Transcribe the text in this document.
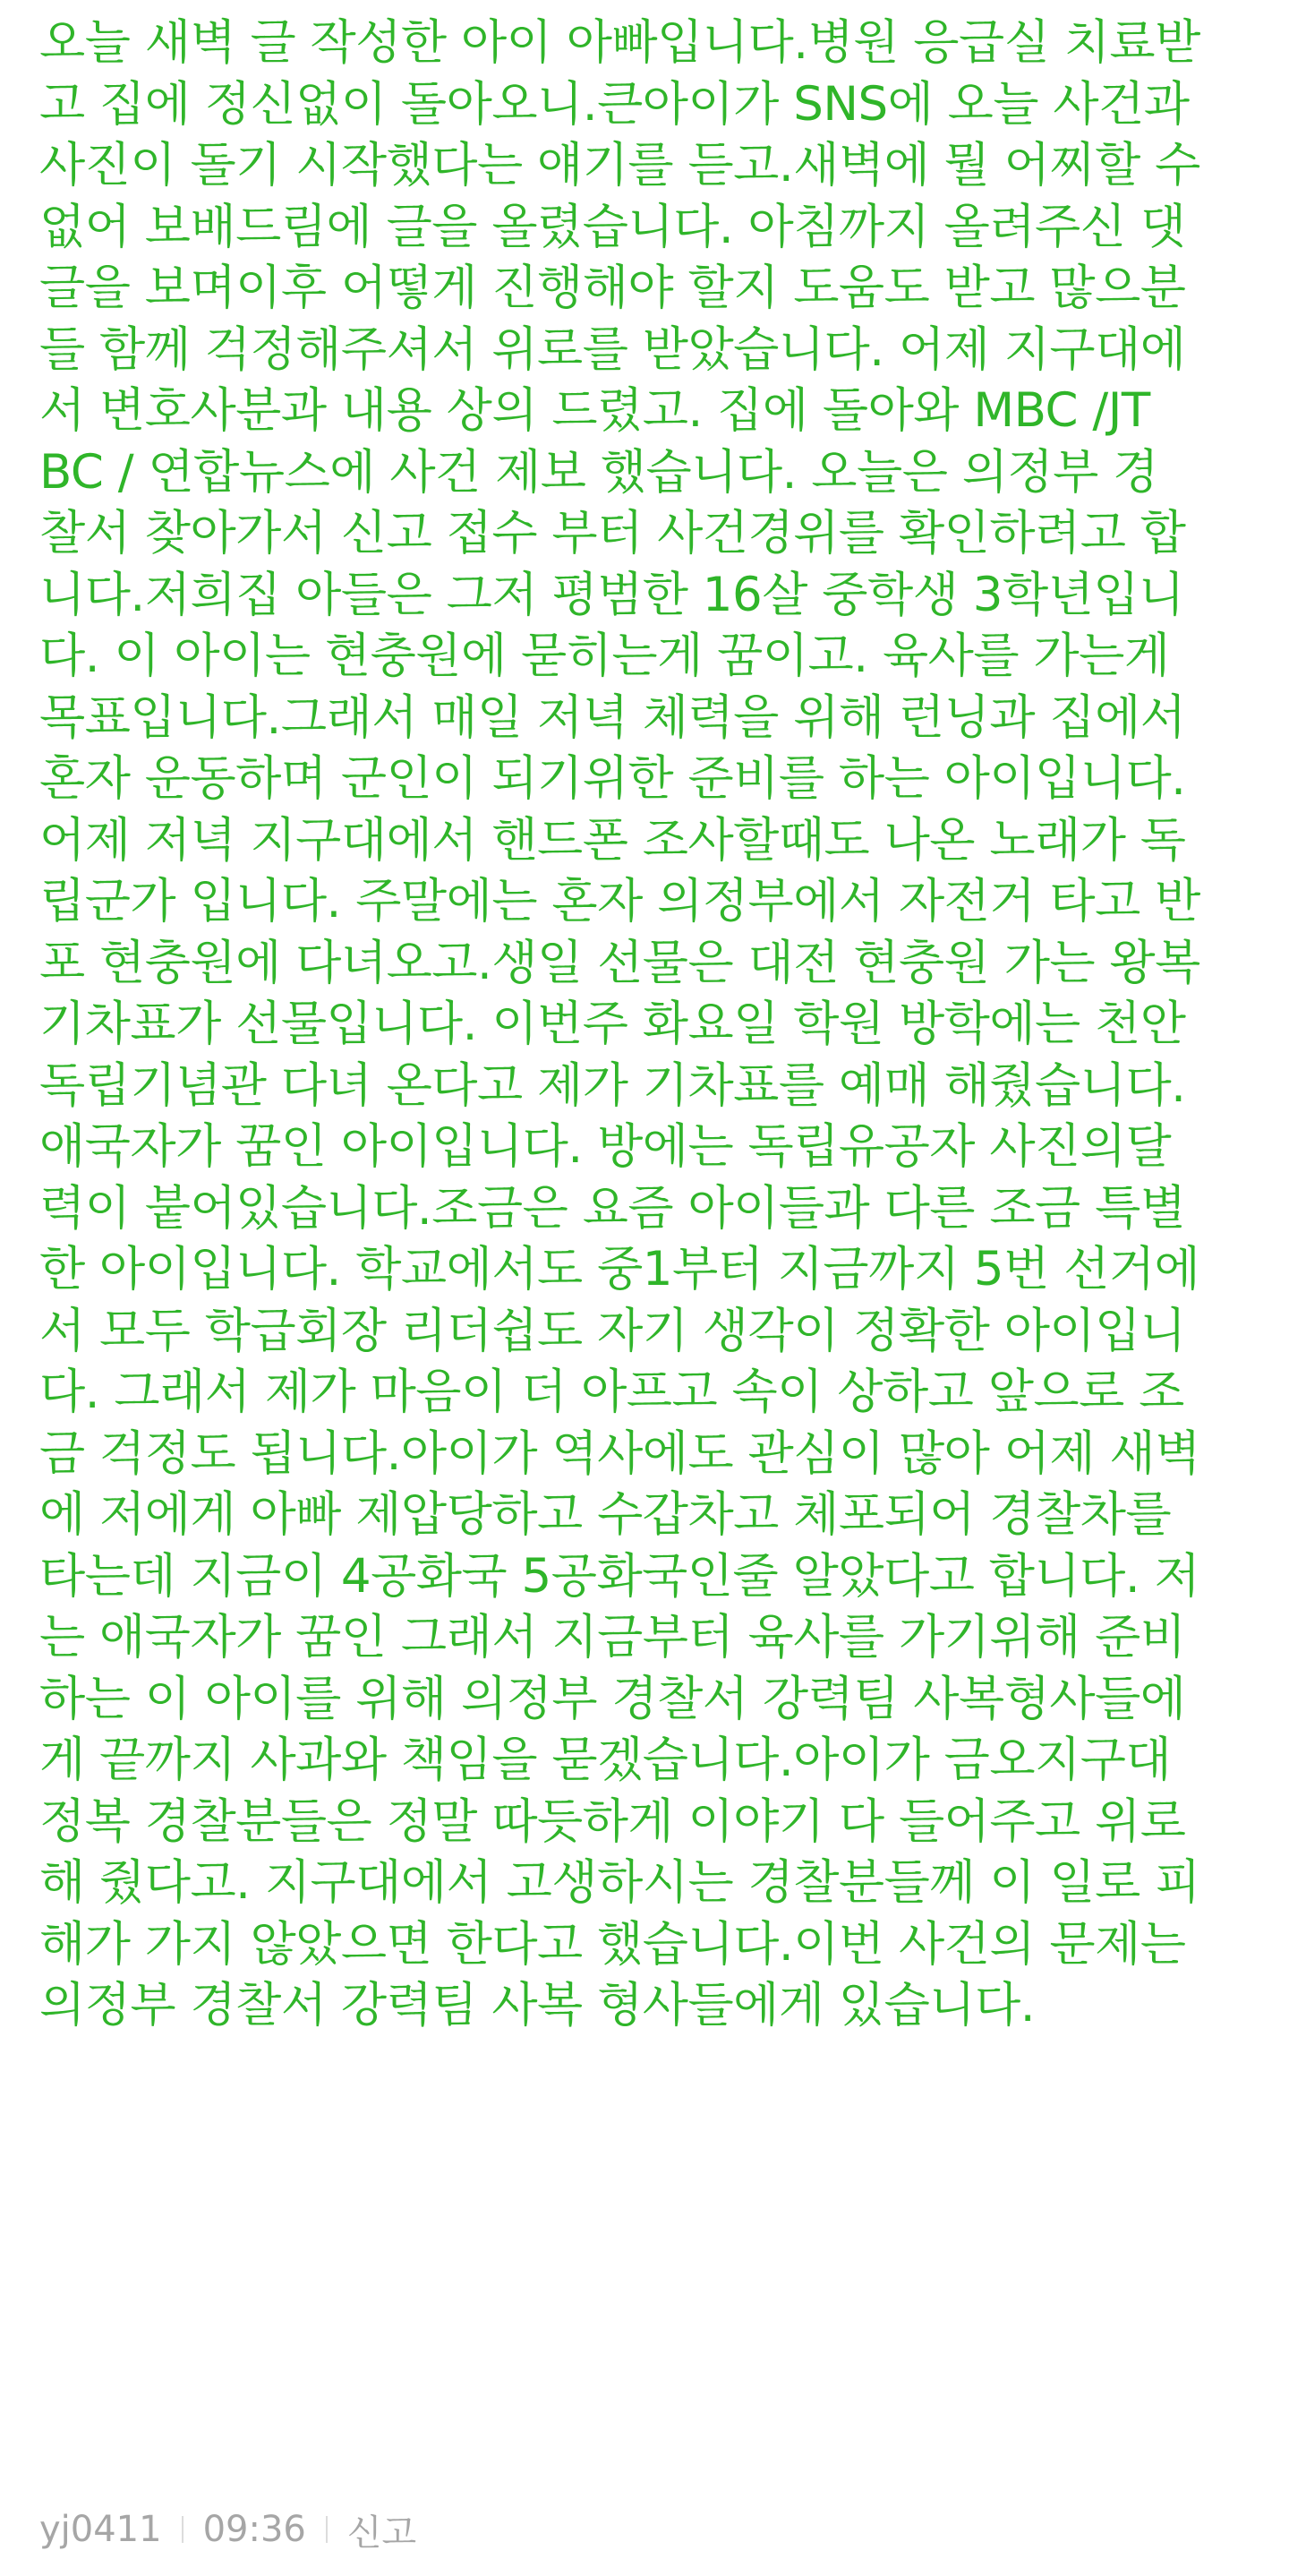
오늘 새벽 글 작성한 아이 아빠입니다.병원 응급실 치료받
고 집에 정신없이 돌아오니.큰아이가 SNS에 오늘 사건과
사진이 돌기 시작했다는 얘기를 듣고.새벽에 뭘 어찌할 수
없어 보배드림에 글을 올렸습니다. 아침까지 올려주신 댓
글을 보며이후 어떻게 진행해야 할지 도움도 받고 많으분
들 함께 걱정해주셔서 위로를 받았습니다. 어제 지구대에
서 변호사분과 내용 상의 드렸고. 집에 돌아와 MBC /JT
BC / 연합뉴스에 사건 제보 했습니다. 오늘은 의정부 경
찰서 찾아가서 신고 접수 부터 사건경위를 확인하려고 합
니다.저희집 아들은 그저 평범한 16살 중학생 3학년입니
다. 이 아이는 현충원에 묻히는게 꿈이고. 육사를 가는게
목표입니다.그래서 매일 저녁 체력을 위해 런닝과 집에서
혼자 운동하며 군인이 되기위한 준비를 하는 아이입니다.
어제 저녁 지구대에서 핸드폰 조사할때도 나온 노래가 독
립군가 입니다. 주말에는 혼자 의정부에서 자전거 타고 반
포 현충원에 다녀오고.생일 선물은 대전 현충원 가는 왕복
기차표가 선물입니다. 이번주 화요일 학원 방학에는 천안
독립기념관 다녀 온다고 제가 기차표를 예매 해줬습니다.
애국자가 꿈인 아이입니다. 방에는 독립유공자 사진의달
력이 붙어있습니다.조금은 요즘 아이들과 다른 조금 특별
한 아이입니다. 학교에서도 중1부터 지금까지 5번 선거에
서 모두 학급회장 리더쉽도 자기 생각이 정확한 아이입니
다. 그래서 제가 마음이 더 아프고 속이 상하고 앞으로 조
금 걱정도 됩니다.아이가 역사에도 관심이 많아 어제 새벽
에 저에게 아빠 제압당하고 수갑차고 체포되어 경찰차를
타는데 지금이 4공화국 5공화국인줄 알았다고 합니다. 저
는 애국자가 꿈인 그래서 지금부터 육사를 가기위해 준비
하는 이 아이를 위해 의정부 경찰서 강력팀 사복형사들에
게 끝까지 사과와 책임을 묻겠습니다.아이가 금오지구대
정복 경찰분들은 정말 따듯하게 이야기 다 들어주고 위로
해 줬다고. 지구대에서 고생하시는 경찰분들께 이 일로 피
해가 가지 않았으면 한다고 했습니다.이번 사건의 문제는
의정부 경찰서 강력팀 사복 형사들에게 있습니다.

yj0411 09:36 신고
